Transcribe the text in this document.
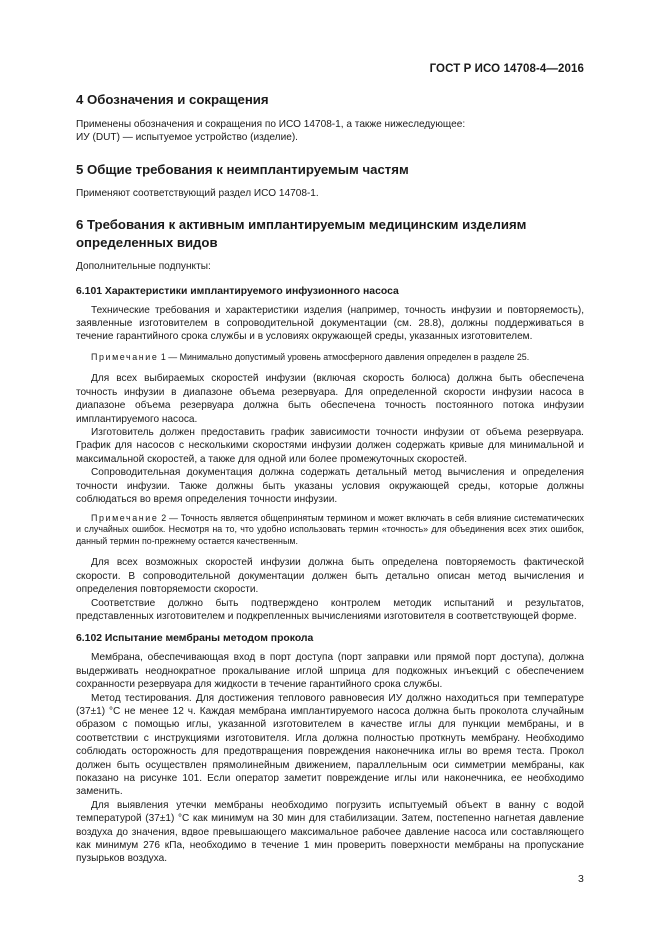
ГОСТ Р ИСО 14708-4—2016
4 Обозначения и сокращения

Применены обозначения и сокращения по ИСО 14708-1, а также нижеследующее:

ИУ (DUT) — испытуемое устройство (изделие).

5 Общие требования к неимплантируемым частям

Применяют соответствующий раздел ИСО 14708-1.

6 Требования к активным имплантируемым медицинским изделиям
определенных видов

Дополнительные подпункты:

6.101 Характеристики имплантируемого инфузионного насоса

Технические требования и характеристики изделия (например, точность инфузии и повторяемость), заявленные изготовителем в сопроводительной документации (см. 28.8), должны поддерживаться в течение гарантийного срока службы и в условиях окружающей среды, указанных изготовителем.

Примечание 1 — Минимально допустимый уровень атмосферного давления определен в разделе 25.

Для всех выбираемых скоростей инфузии (включая скорость болюса) должна быть обеспечена точность инфузии в диапазоне объема резервуара. Для определенной скорости инфузии насоса в диапазоне объема резервуара должна быть обеспечена точность постоянного потока инфузии имплантируемого насоса.

Изготовитель должен предоставить график зависимости точности инфузии от объема резервуара. График для насосов с несколькими скоростями инфузии должен содержать кривые для минимальной и максимальной скоростей, а также для одной или более промежуточных скоростей.

Сопроводительная документация должна содержать детальный метод вычисления и определения точности инфузии. Также должны быть указаны условия окружающей среды, которые должны соблюдаться во время определения точности инфузии.

Примечание 2 — Точность является общепринятым термином и может включать в себя влияние систематических и случайных ошибок. Несмотря на то, что удобно использовать термин «точность» для объединения всех этих ошибок, данный термин по-прежнему остается качественным.

Для всех возможных скоростей инфузии должна быть определена повторяемость фактической скорости. В сопроводительной документации должен быть детально описан метод вычисления и определения повторяемости скорости.

Соответствие должно быть подтверждено контролем методик испытаний и результатов, представленных изготовителем и подкрепленных вычислениями изготовителя в соответствующей форме.

6.102 Испытание мембраны методом прокола

Мембрана, обеспечивающая вход в порт доступа (порт заправки или прямой порт доступа), должна выдерживать неоднократное прокалывание иглой шприца для подкожных инъекций с обеспечением сохранности резервуара для жидкости в течение гарантийного срока службы.

Метод тестирования. Для достижения теплового равновесия ИУ должно находиться при температуре (37±1) °С не менее 12 ч. Каждая мембрана имплантируемого насоса должна быть проколота случайным образом с помощью иглы, указанной изготовителем в качестве иглы для пункции мембраны, и в соответствии с инструкциями изготовителя. Игла должна полностью проткнуть мембрану. Необходимо соблюдать осторожность для предотвращения повреждения наконечника иглы во время теста. Прокол должен быть осуществлен прямолинейным движением, параллельным оси симметрии мембраны, как показано на рисунке 101. Если оператор заметит повреждение иглы или наконечника, ее необходимо заменить.

Для выявления утечки мембраны необходимо погрузить испытуемый объект в ванну с водой температурой (37±1) °С как минимум на 30 мин для стабилизации. Затем, постепенно нагнетая давление воздуха до значения, вдвое превышающего максимальное рабочее давление насоса или составляющего как минимум 276 кПа, необходимо в течение 1 мин проверить поверхности мембраны на пропускание пузырьков воздуха.

3
